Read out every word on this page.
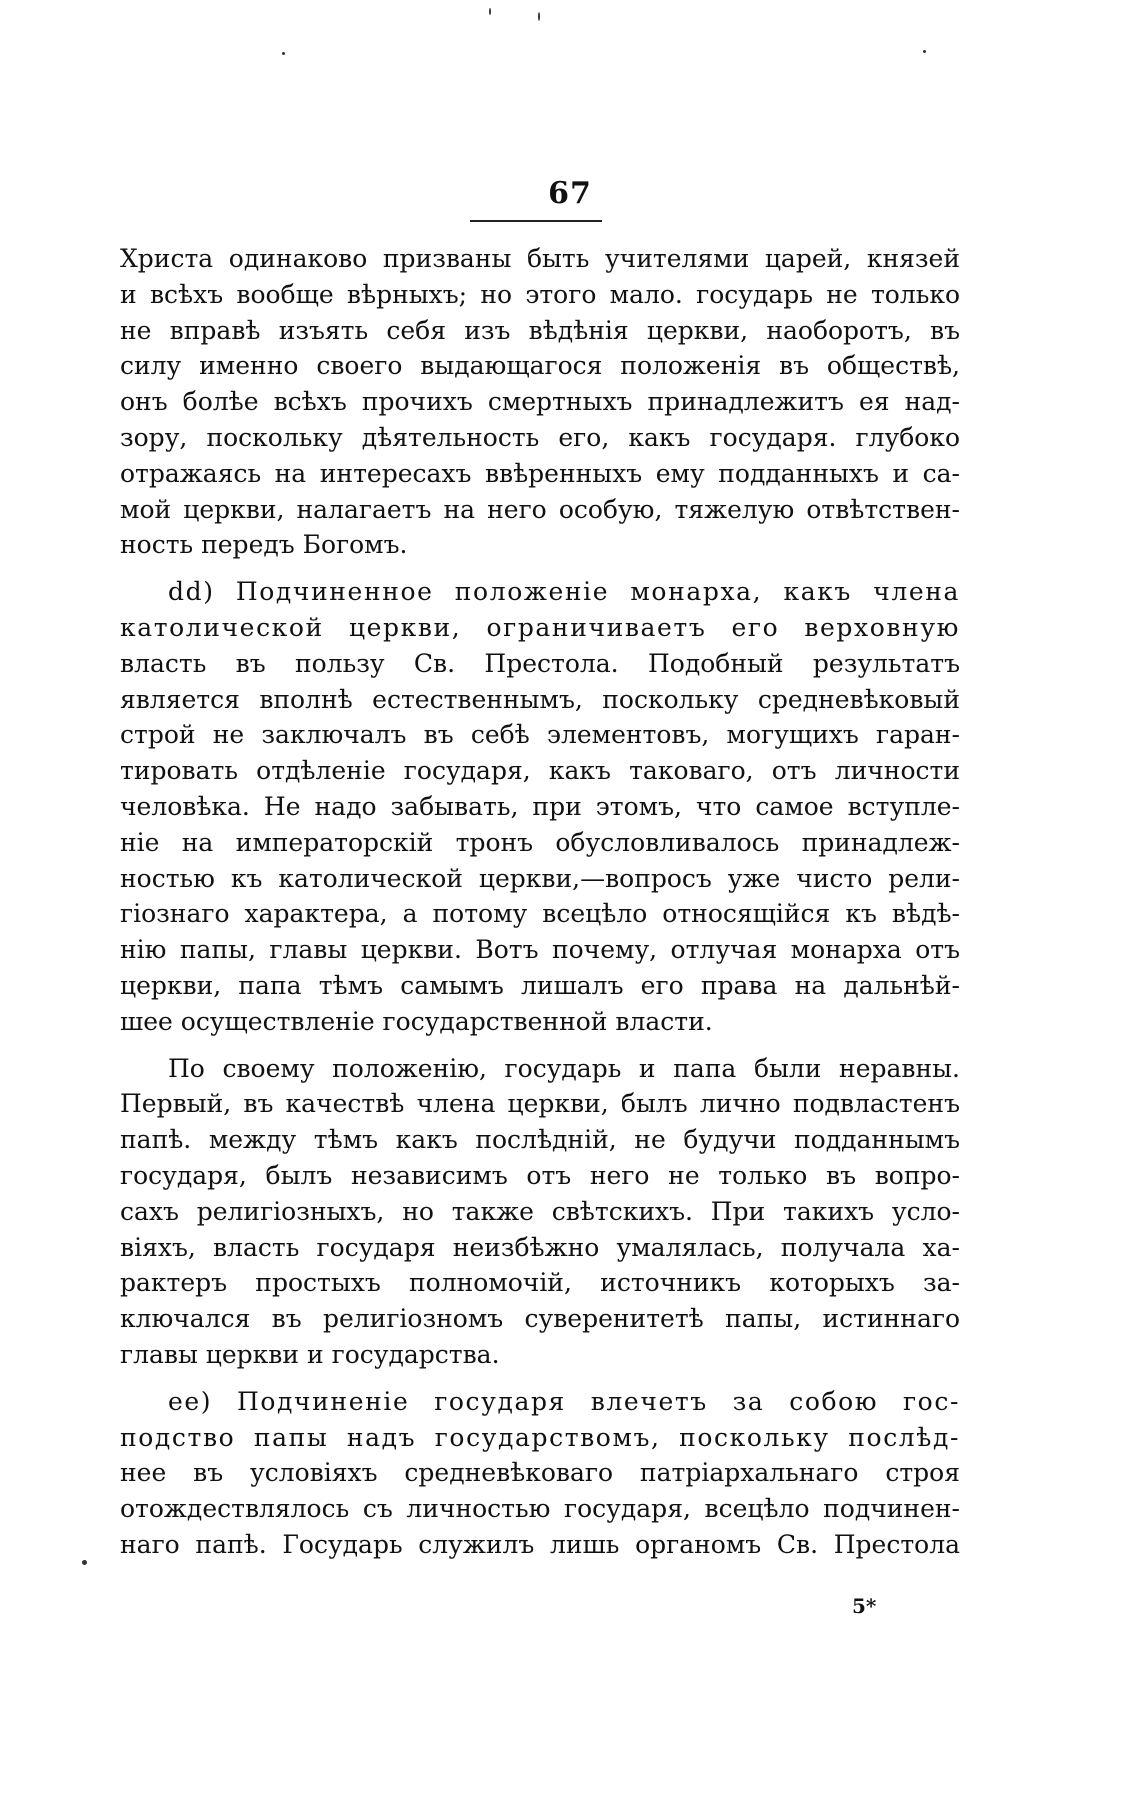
67
Христа одинаково призваны быть учителями царей, князей
и всѣхъ вообще вѣрныхъ; но этого мало. государь не только
не вправѣ изъять себя изъ вѣдѣнія церкви, наоборотъ, въ
силу именно своего выдающагося положенія въ обществѣ,
онъ болѣе всѣхъ прочихъ смертныхъ принадлежитъ ея над-
зору, поскольку дѣятельность его, какъ государя. глубоко
отражаясь на интересахъ ввѣренныхъ ему подданныхъ и са-
мой церкви, налагаетъ на него особую, тяжелую отвѣтствен-
ность передъ Богомъ.
dd) Подчиненное положеніе монарха, какъ члена
католической церкви, ограничиваетъ его верховную
власть въ пользу Св. Престола. Подобный результатъ
является вполнѣ естественнымъ, поскольку средневѣковый
строй не заключалъ въ себѣ элементовъ, могущихъ гаран-
тировать отдѣленіе государя, какъ таковаго, отъ личности
человѣка. Не надо забывать, при этомъ, что самое вступле-
ніе на императорскій тронъ обусловливалось принадлеж-
ностью къ католической церкви,—вопросъ уже чисто рели-
гіознаго характера, а потому всецѣло относящійся къ вѣдѣ-
нію папы, главы церкви. Вотъ почему, отлучая монарха отъ
церкви, папа тѣмъ самымъ лишалъ его права на дальнѣй-
шее осуществленіе государственной власти.
По своему положенію, государь и папа были неравны.
Первый, въ качествѣ члена церкви, былъ лично подвластенъ
папѣ. между тѣмъ какъ послѣдній, не будучи подданнымъ
государя, былъ независимъ отъ него не только въ вопро-
сахъ религіозныхъ, но также свѣтскихъ. При такихъ усло-
віяхъ, власть государя неизбѣжно умалялась, получала ха-
рактеръ простыхъ полномочій, источникъ которыхъ за-
ключался въ религіозномъ суверенитетѣ папы, истиннаго
главы церкви и государства.
ее) Подчиненіе государя влечетъ за собою гос-
подство папы надъ государствомъ, поскольку послѣд-
нее въ условіяхъ средневѣковаго патріархальнаго строя
отождествлялось съ личностью государя, всецѣло подчинен-
наго папѣ. Государь служилъ лишь органомъ Св. Престола
5*
